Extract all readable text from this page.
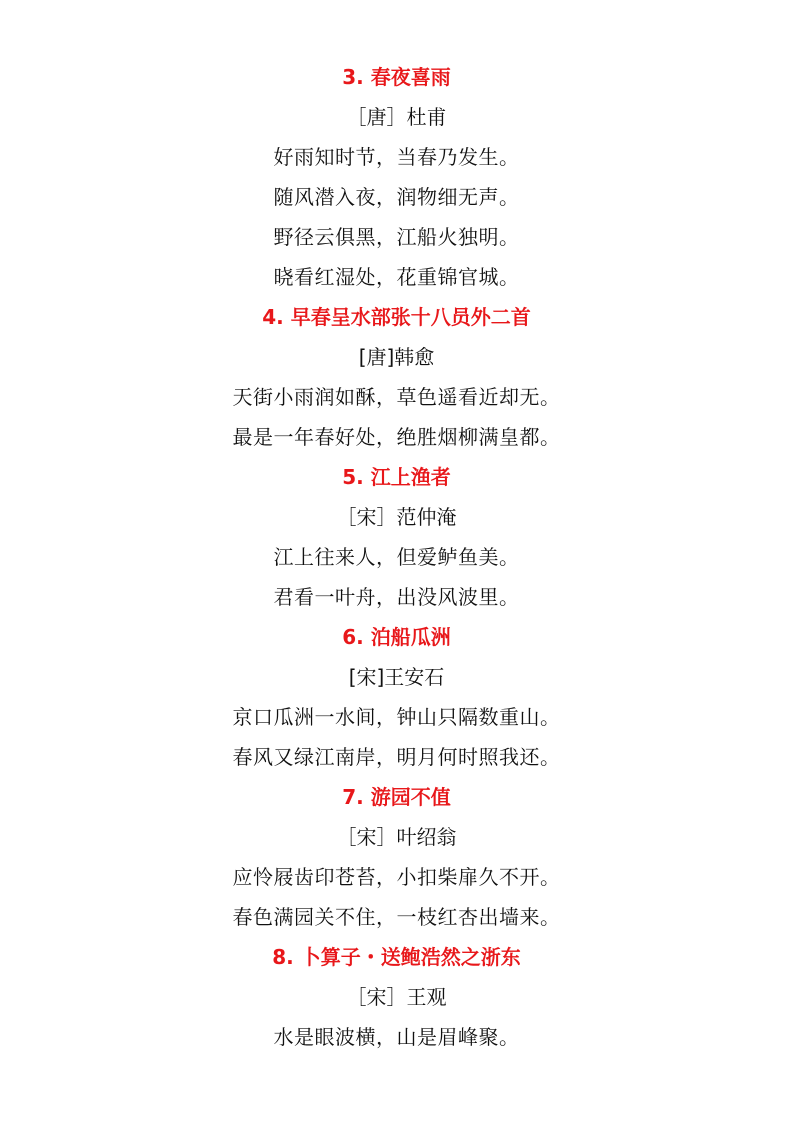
3. 春夜喜雨
［唐］杜甫
好雨知时节，当春乃发生。
随风潜入夜，润物细无声。
野径云俱黑，江船火独明。
晓看红湿处，花重锦官城。
4. 早春呈水部张十八员外二首
[唐]韩愈
天街小雨润如酥，草色遥看近却无。
最是一年春好处，绝胜烟柳满皇都。
5. 江上渔者
［宋］范仲淹
江上往来人，但爱鲈鱼美。
君看一叶舟，出没风波里。
6. 泊船瓜洲
[宋]王安石
京口瓜洲一水间，钟山只隔数重山。
春风又绿江南岸，明月何时照我还。
7. 游园不值
［宋］叶绍翁
应怜屐齿印苍苔，小扣柴扉久不开。
春色满园关不住，一枝红杏出墙来。
8. 卜算子・送鲍浩然之浙东
［宋］王观
水是眼波横，山是眉峰聚。
